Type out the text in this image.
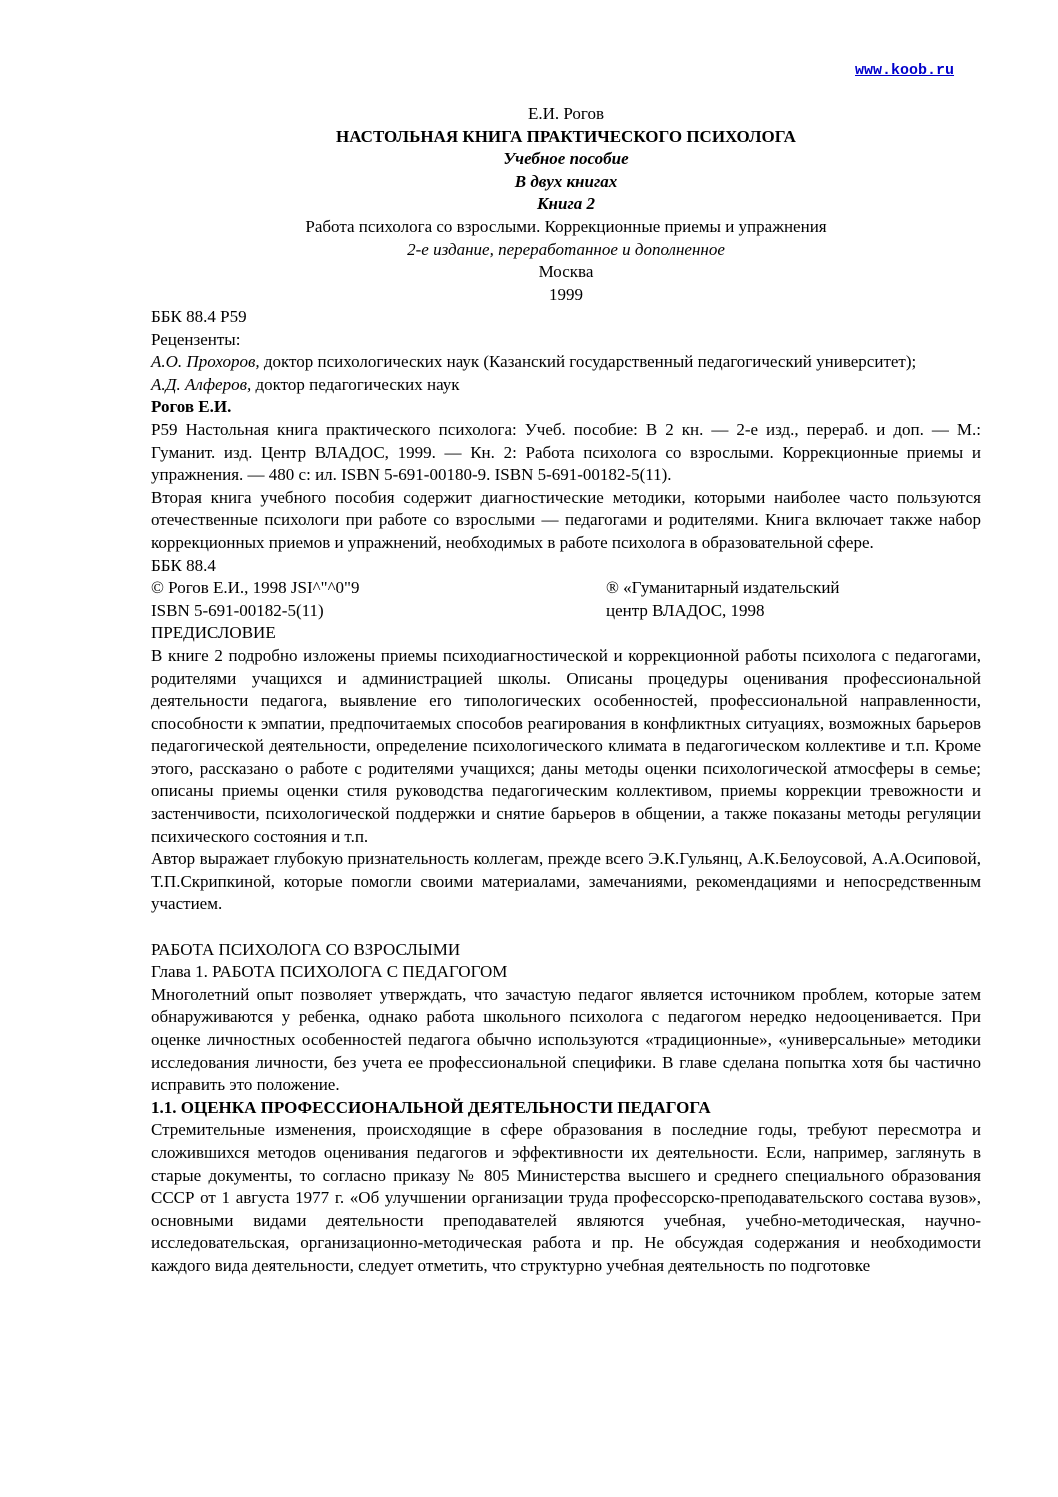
www.koob.ru
Е.И. Рогов
НАСТОЛЬНАЯ КНИГА ПРАКТИЧЕСКОГО ПСИХОЛОГА
Учебное пособие
В двух книгах
Книга 2
Работа психолога со взрослыми. Коррекционные приемы и упражнения
2-е издание, переработанное и дополненное
Москва
1999
ББК 88.4 Р59
Рецензенты:

А.О. Прохоров, доктор психологических наук (Казанский государственный педагогический университет);

А.Д. Алферов, доктор педагогических наук

Рогов Е.И.

Р59 Настольная книга практического психолога: Учеб. пособие: В 2 кн. — 2-е изд., перераб. и доп. — М.: Гуманит. изд. Центр ВЛАДОС, 1999. — Кн. 2: Работа психолога со взрослыми. Коррекционные приемы и упражнения. — 480 с: ил. ISBN 5-691-00180-9. ISBN 5-691-00182-5(11).

Вторая книга учебного пособия содержит диагностические методики, которыми наиболее часто пользуются отечественные психологи при работе со взрослыми — педагогами и родителями. Книга включает также набор коррекционных приемов и упражнений, необходимых в работе психолога в образовательной сфере.

ББК 88.4
© Рогов Е.И., 1998 JSI^"^0"9	® «Гуманитарный издательский
ISBN 5-691-00182-5(11)	центр ВЛАДОС, 1998
ПРЕДИСЛОВИЕ

В книге 2 подробно изложены приемы психодиагностической и коррекционной работы психолога с педагогами, родителями учащихся и администрацией школы. Описаны процедуры оценивания профессиональной деятельности педагога, выявление его типологических особенностей, профессиональной направленности, способности к эмпатии, предпочитаемых способов реагирования в конфликтных ситуациях, возможных барьеров педагогической деятельности, определение психологического климата в педагогическом коллективе и т.п. Кроме этого, рассказано о работе с родителями учащихся; даны методы оценки психологической атмосферы в семье; описаны приемы оценки стиля руководства педагогическим коллективом, приемы коррекции тревожности и застенчивости, психологической поддержки и снятие барьеров в общении, а также показаны методы регуляции психического состояния и т.п.

Автор выражает глубокую признательность коллегам, прежде всего Э.К.Гульянц, А.К.Белоусовой, А.А.Осиповой, Т.П.Скрипкиной, которые помогли своими материалами, замечаниями, рекомендациями и непосредственным участием.

РАБОТА ПСИХОЛОГА СО ВЗРОСЛЫМИ
Глава 1. РАБОТА ПСИХОЛОГА С ПЕДАГОГОМ

Многолетний опыт позволяет утверждать, что зачастую педагог является источником проблем, которые затем обнаруживаются у ребенка, однако работа школьного психолога с педагогом нередко недооценивается. При оценке личностных особенностей педагога обычно используются «традиционные», «универсальные» методики исследования личности, без учета ее профессиональной специфики. В главе сделана попытка хотя бы частично исправить это положение.

1.1. ОЦЕНКА ПРОФЕССИОНАЛЬНОЙ ДЕЯТЕЛЬНОСТИ ПЕДАГОГА

Стремительные изменения, происходящие в сфере образования в последние годы, требуют пересмотра и сложившихся методов оценивания педагогов и эффективности их деятельности. Если, например, заглянуть в старые документы, то согласно приказу № 805 Министерства высшего и среднего специального образования СССР от 1 августа 1977 г. «Об улучшении организации труда профессорско-преподавательского состава вузов», основными видами деятельности преподавателей являются учебная, учебно-методическая, научно-исследовательская, организационно-методическая работа и пр. Не обсуждая содержания и необходимости каждого вида деятельности, следует отметить, что структурно учебная деятельность по подготовке
